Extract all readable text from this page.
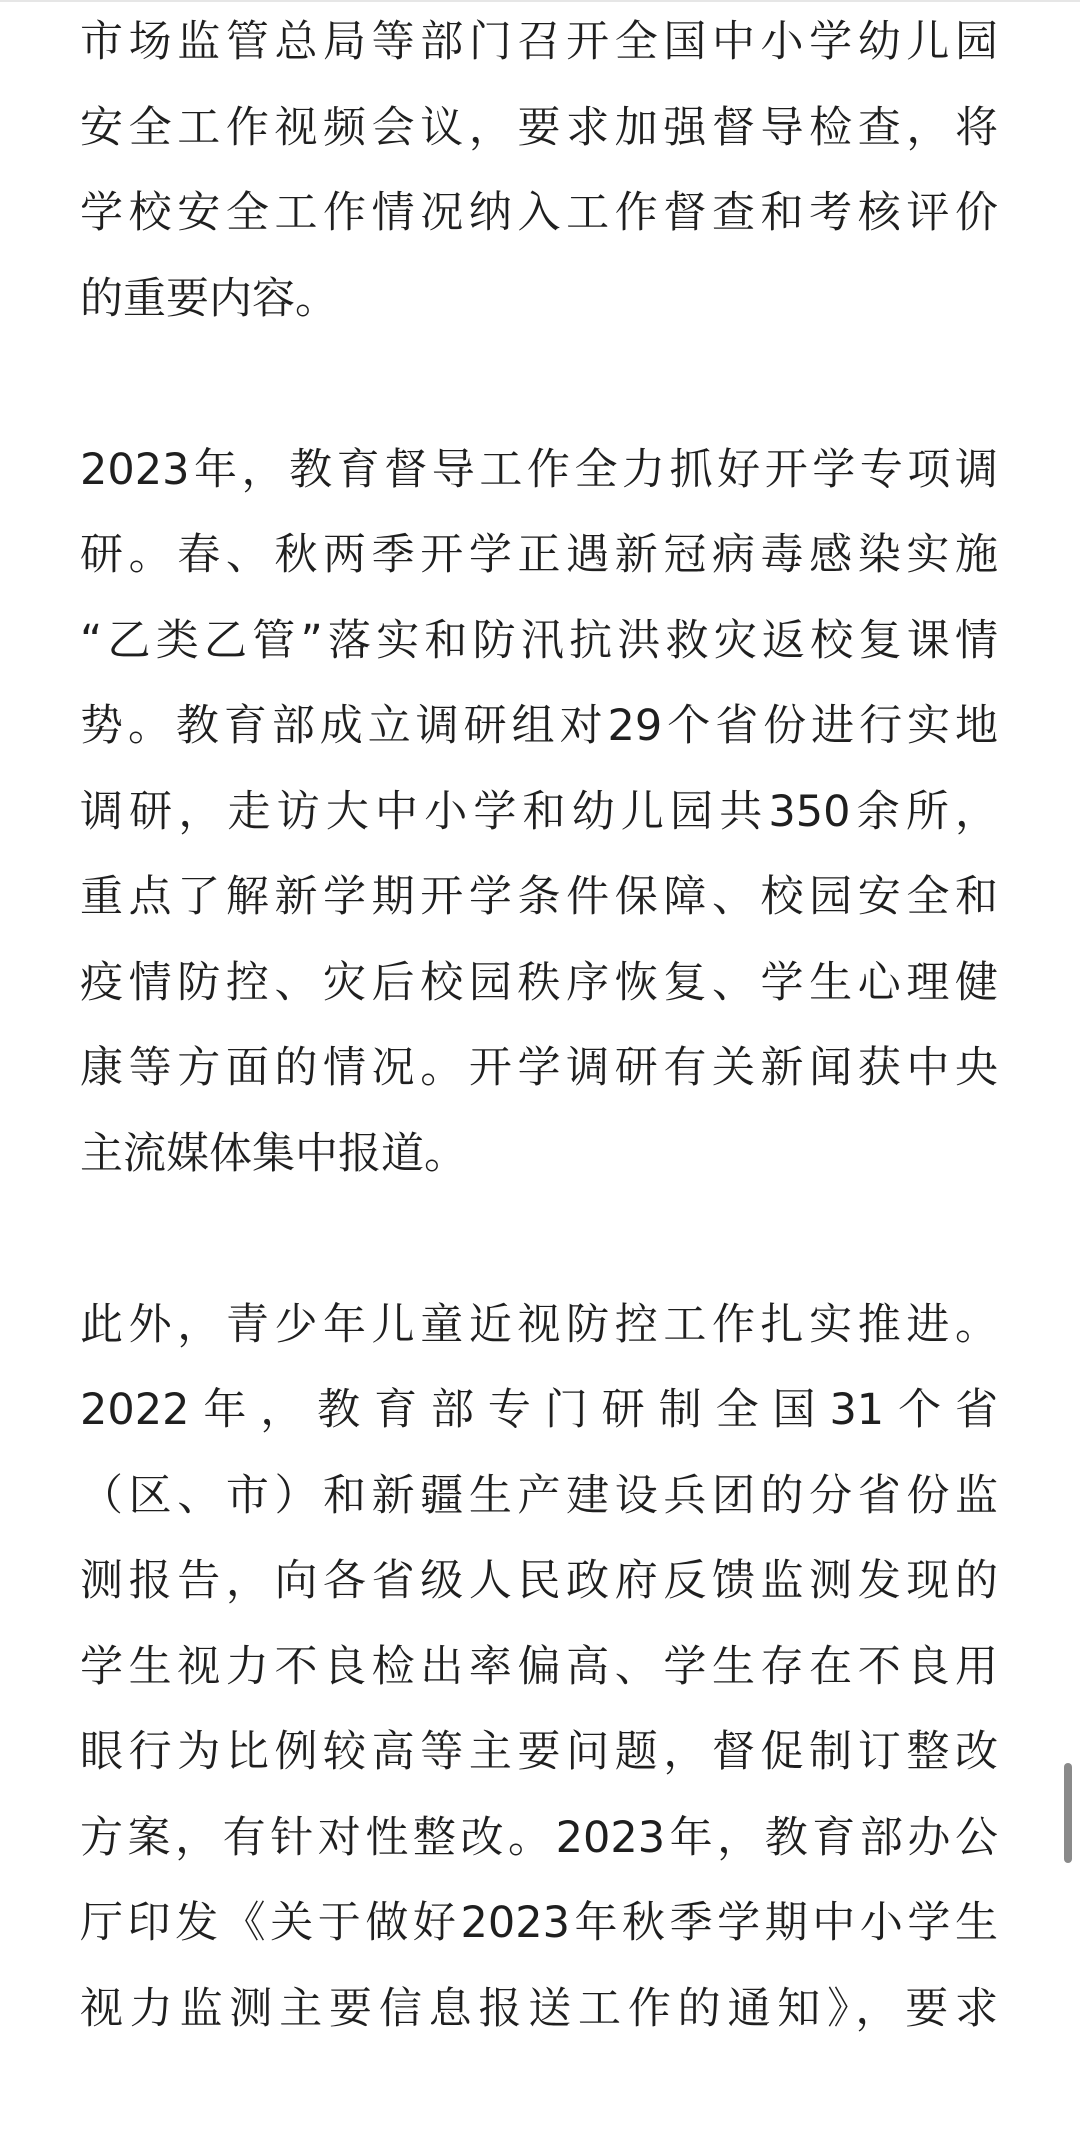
市场监管总局等部门召开全国中小学幼儿园
安全工作视频会议，要求加强督导检查，将
学校安全工作情况纳入工作督查和考核评价
的重要内容。
2023年，教育督导工作全力抓好开学专项调
研。春、秋两季开学正遇新冠病毒感染实施
“乙类乙管”落实和防汛抗洪救灾返校复课情
势。教育部成立调研组对29个省份进行实地
调研，走访大中小学和幼儿园共350余所，
重点了解新学期开学条件保障、校园安全和
疫情防控、灾后校园秩序恢复、学生心理健
康等方面的情况。开学调研有关新闻获中央
主流媒体集中报道。
此外，青少年儿童近视防控工作扎实推进。
2022年，教育部专门研制全国31个省
（区、市）和新疆生产建设兵团的分省份监
测报告，向各省级人民政府反馈监测发现的
学生视力不良检出率偏高、学生存在不良用
眼行为比例较高等主要问题，督促制订整改
方案，有针对性整改。2023年，教育部办公
厅印发《关于做好2023年秋季学期中小学生
视力监测主要信息报送工作的通知》，要求
